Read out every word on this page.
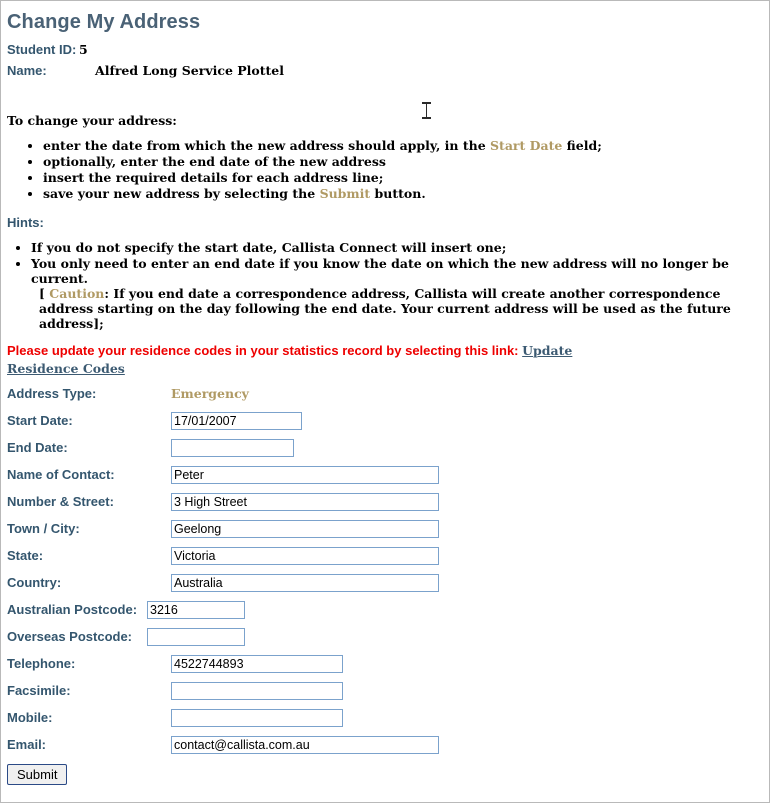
Change My Address
Student ID: 5
Name:	Alfred Long Service Plottel
To change your address:
• enter the date from which the new address should apply, in the Start Date field;
• optionally, enter the end date of the new address
• insert the required details for each address line;
• save your new address by selecting the Submit button.
Hints:
• If you do not specify the start date, Callista Connect will insert one;
• You only need to enter an end date if you know the date on which the new address will no longer be current.
[ Caution: If you end date a correspondence address, Callista will create another correspondence address starting on the day following the end date. Your current address will be used as the future address];
Please update your residence codes in your statistics record by selecting this link: Update Residence Codes
Address Type:	Emergency
Start Date:	17/01/2007
End Date:	
Name of Contact:	Peter
Number & Street:	3 High Street
Town / City:	Geelong
State:	Victoria
Country:	Australia
Australian Postcode:	3216
Overseas Postcode:	
Telephone:	4522744893
Facsimile:	
Mobile:	
Email:	contact@callista.com.au
Submit
